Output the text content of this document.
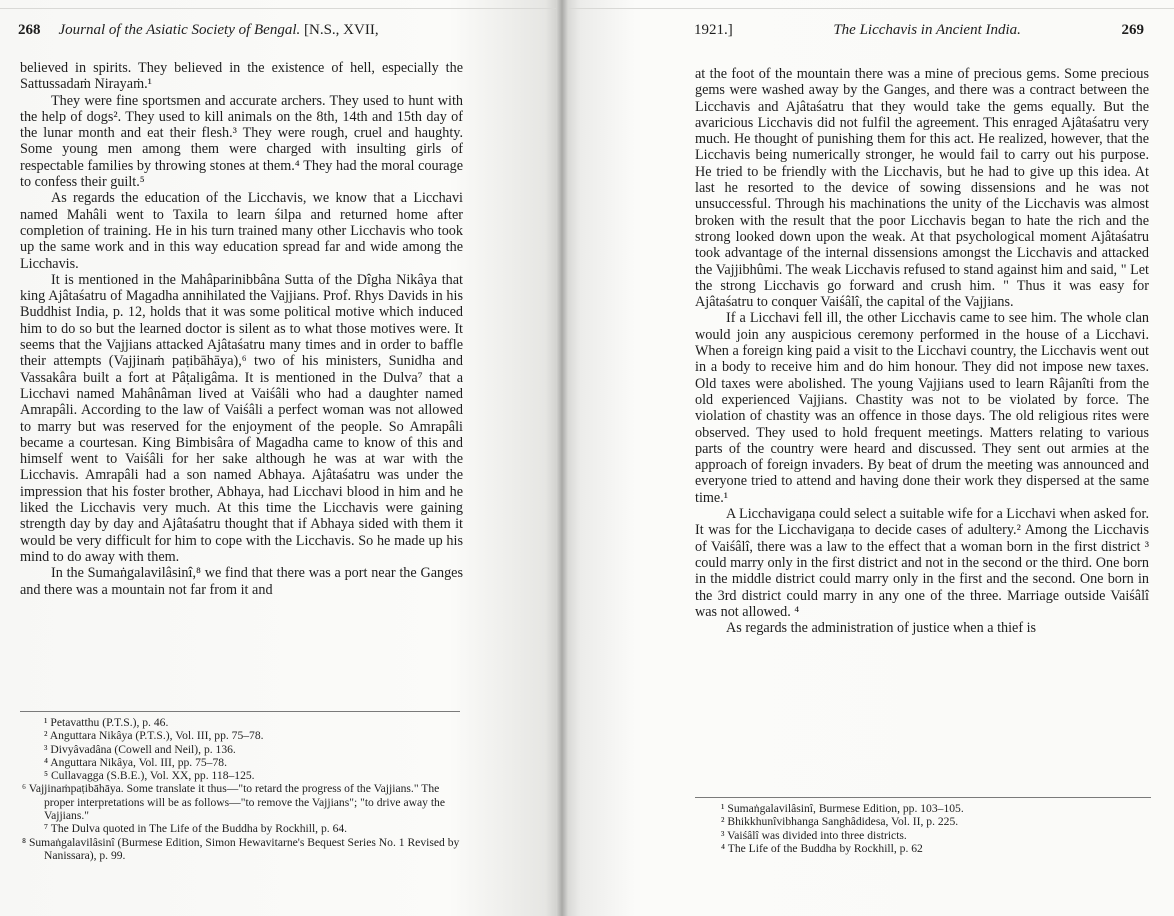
268 Journal of the Asiatic Society of Bengal. [N.S., XVII,

believed in spirits. They believed in the existence of hell, especially the Sattussadaṁ Nirayaṁ.¹

They were fine sportsmen and accurate archers. They used to hunt with the help of dogs². They used to kill animals on the 8th, 14th and 15th day of the lunar month and eat their flesh.³ They were rough, cruel and haughty. Some young men among them were charged with insulting girls of respectable families by throwing stones at them.⁴ They had the moral courage to confess their guilt.⁵

As regards the education of the Licchavis, we know that a Licchavi named Mahâli went to Taxila to learn śilpa and returned home after completion of training. He in his turn trained many other Licchavis who took up the same work and in this way education spread far and wide among the Licchavis.

It is mentioned in the Mahâparinibbâna Sutta of the Dîgha Nikâya that king Ajâtaśatru of Magadha annihilated the Vajjians. Prof. Rhys Davids in his Buddhist India, p. 12, holds that it was some political motive which induced him to do so but the learned doctor is silent as to what those motives were. It seems that the Vajjians attacked Ajâtaśatru many times and in order to baffle their attempts (Vajjinaṁ paṭibāhāya),⁶ two of his ministers, Sunidha and Vassakâra built a fort at Pâṭaligâma. It is mentioned in the Dulva⁷ that a Licchavi named Mahânâman lived at Vaiśâli who had a daughter named Amrapâli. According to the law of Vaiśâli a perfect woman was not allowed to marry but was reserved for the enjoyment of the people. So Amrapâli became a courtesan. King Bimbisâra of Magadha came to know of this and himself went to Vaiśâli for her sake although he was at war with the Licchavis. Amrapâli had a son named Abhaya. Ajâtaśatru was under the impression that his foster brother, Abhaya, had Licchavi blood in him and he liked the Licchavis very much. At this time the Licchavis were gaining strength day by day and Ajâtaśatru thought that if Abhaya sided with them it would be very difficult for him to cope with the Licchavis. So he made up his mind to do away with them.

In the Sumaṅgalavilâsinî,⁸ we find that there was a port near the Ganges and there was a mountain not far from it and

¹ Petavatthu (P.T.S.), p. 46.
² Anguttara Nikâya (P.T.S.), Vol. III, pp. 75–78.
³ Divyâvadâna (Cowell and Neil), p. 136.
⁴ Anguttara Nikâya, Vol. III, pp. 75–78.
⁵ Cullavagga (S.B.E.), Vol. XX, pp. 118–125.
⁶ Vajjinaṁpaṭibāhāya. Some translate it thus—"to retard the progress of the Vajjians." The proper interpretations will be as follows—"to remove the Vajjians"; "to drive away the Vajjians."
⁷ The Dulva quoted in The Life of the Buddha by Rockhill, p. 64.
⁸ Sumaṅgalavilâsinî (Burmese Edition, Simon Hewavitarne's Bequest Series No. 1 Revised by Nanissara), p. 99.
1921.]	The Licchavis in Ancient India.	269

at the foot of the mountain there was a mine of precious gems. Some precious gems were washed away by the Ganges, and there was a contract between the Licchavis and Ajâtaśatru that they would take the gems equally. But the avaricious Licchavis did not fulfil the agreement. This enraged Ajâtaśatru very much. He thought of punishing them for this act. He realized, however, that the Licchavis being numerically stronger, he would fail to carry out his purpose. He tried to be friendly with the Licchavis, but he had to give up this idea. At last he resorted to the device of sowing dissensions and he was not unsuccessful. Through his machinations the unity of the Licchavis was almost broken with the result that the poor Licchavis began to hate the rich and the strong looked down upon the weak. At that psychological moment Ajâtaśatru took advantage of the internal dissensions amongst the Licchavis and attacked the Vajjibhûmi. The weak Licchavis refused to stand against him and said, " Let the strong Licchavis go forward and crush him. " Thus it was easy for Ajâtaśatru to conquer Vaiśâlî, the capital of the Vajjians.

If a Licchavi fell ill, the other Licchavis came to see him. The whole clan would join any auspicious ceremony performed in the house of a Licchavi. When a foreign king paid a visit to the Licchavi country, the Licchavis went out in a body to receive him and do him honour. They did not impose new taxes. Old taxes were abolished. The young Vajjians used to learn Râjanîti from the old experienced Vajjians. Chastity was not to be violated by force. The violation of chastity was an offence in those days. The old religious rites were observed. They used to hold frequent meetings. Matters relating to various parts of the country were heard and discussed. They sent out armies at the approach of foreign invaders. By beat of drum the meeting was announced and everyone tried to attend and having done their work they dispersed at the same time.¹

A Licchavigaṇa could select a suitable wife for a Licchavi when asked for. It was for the Licchavigaṇa to decide cases of adultery.² Among the Licchavis of Vaiśâlî, there was a law to the effect that a woman born in the first district ³ could marry only in the first district and not in the second or the third. One born in the middle district could marry only in the first and the second. One born in the 3rd district could marry in any one of the three. Marriage outside Vaiśâlî was not allowed. ⁴

As regards the administration of justice when a thief is

¹ Sumaṅgalavilâsinî, Burmese Edition, pp. 103–105.
² Bhikkhunîvibhanga Sanghâdidesa, Vol. II, p. 225.
³ Vaiśâlî was divided into three districts.
⁴ The Life of the Buddha by Rockhill, p. 62
